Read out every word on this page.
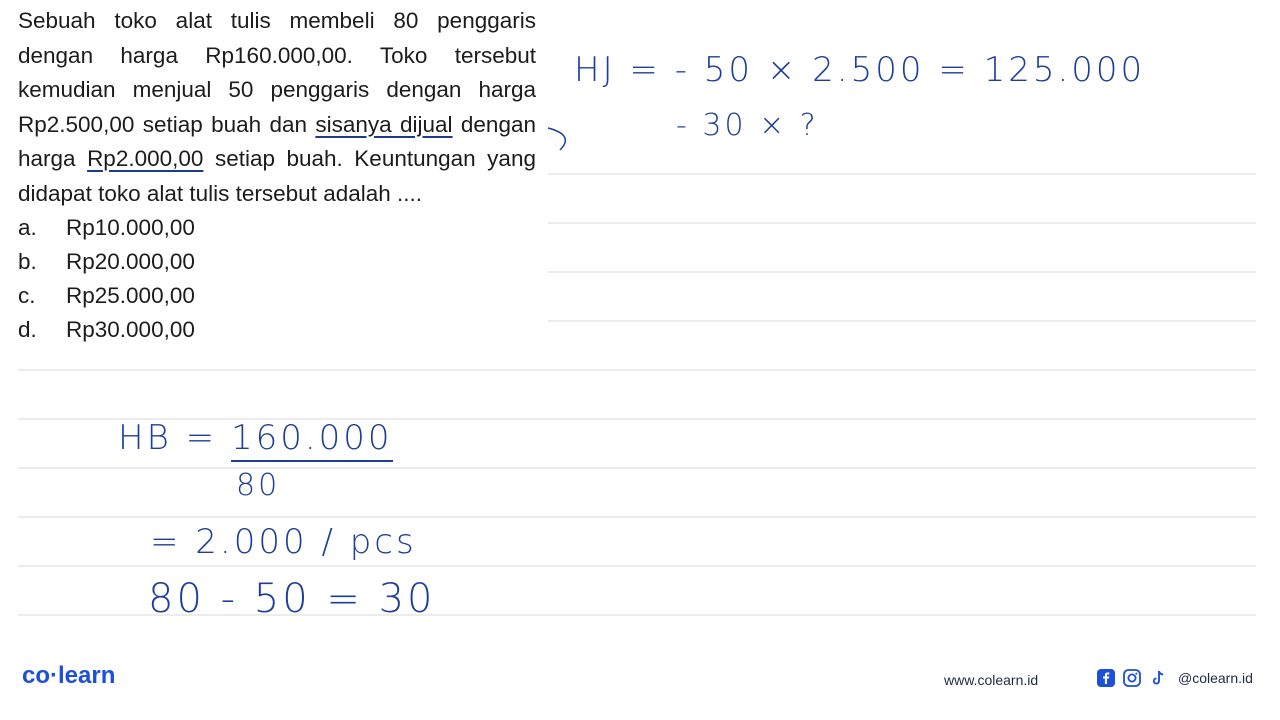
Sebuah toko alat tulis membeli 80 penggaris dengan harga Rp160.000,00. Toko tersebut kemudian menjual 50 penggaris dengan harga Rp2.500,00 setiap buah dan sisanya dijual dengan harga Rp2.000,00 setiap buah. Keuntungan yang didapat toko alat tulis tersebut adalah ....

a.	Rp10.000,00
b.	Rp20.000,00
c.	Rp25.000,00
d.	Rp30.000,00
HJ = - 50 × 2.500 = 125.000
- 30 × ?
HB = 160.000
80
= 2.000 / pcs
80 - 50 = 30
co·learn	www.colearn.id	@colearn.id
